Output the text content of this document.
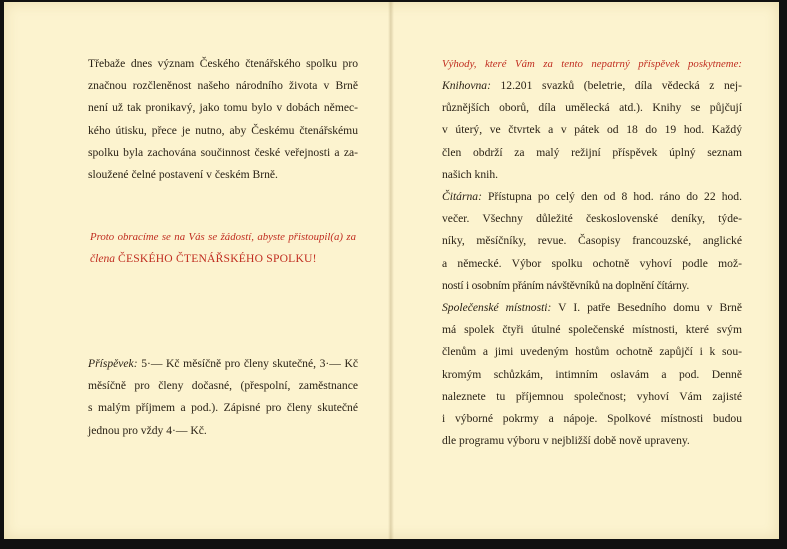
Třebaže dnes význam Českého čtenářského spolku pro
značnou rozčleněnost našeho národního života v Brně
není už tak pronikavý, jako tomu bylo v dobách němec-
kého útisku, přece je nutno, aby Českému čtenářskému
spolku byla zachována součinnost české veřejnosti a za-
sloužené čelné postavení v českém Brně.

Proto obracíme se na Vás se žádostí, abyste přistoupil(a) za
člena ČESKÉHO ČTENÁŘSKÉHO SPOLKU!

Příspěvek: 5·— Kč měsíčně pro členy skutečné, 3·— Kč
měsíčně pro členy dočasné, (přespolní, zaměstnance
s malým příjmem a pod.). Zápisné pro členy skutečné
jednou pro vždy 4·— Kč.

Výhody, které Vám za tento nepatrný příspěvek poskytneme:

Knihovna: 12.201 svazků (beletrie, díla vědecká z nej-
různějších oborů, díla umělecká atd.). Knihy se půjčují
v úterý, ve čtvrtek a v pátek od 18 do 19 hod. Každý
člen obdrží za malý režijní příspěvek úplný seznam
našich knih.

Čitárna: Přístupna po celý den od 8 hod. ráno do 22 hod.
večer. Všechny důležité československé deníky, týde-
níky, měsíčníky, revue. Časopisy francouzské, anglické
a německé. Výbor spolku ochotně vyhoví podle mož-
ností i osobním přáním návštěvníků na doplnění čítárny.

Společenské místnosti: V I. patře Besedního domu v Brně
má spolek čtyři útulné společenské místnosti, které svým
členům a jimi uvedeným hostům ochotně zapůjčí i k sou-
kromým schůzkám, intimním oslavám a pod. Denně
naleznete tu příjemnou společnost; vyhoví Vám zajisté
i výborné pokrmy a nápoje. Spolkové místnosti budou
dle programu výboru v nejbližší době nově upraveny.
